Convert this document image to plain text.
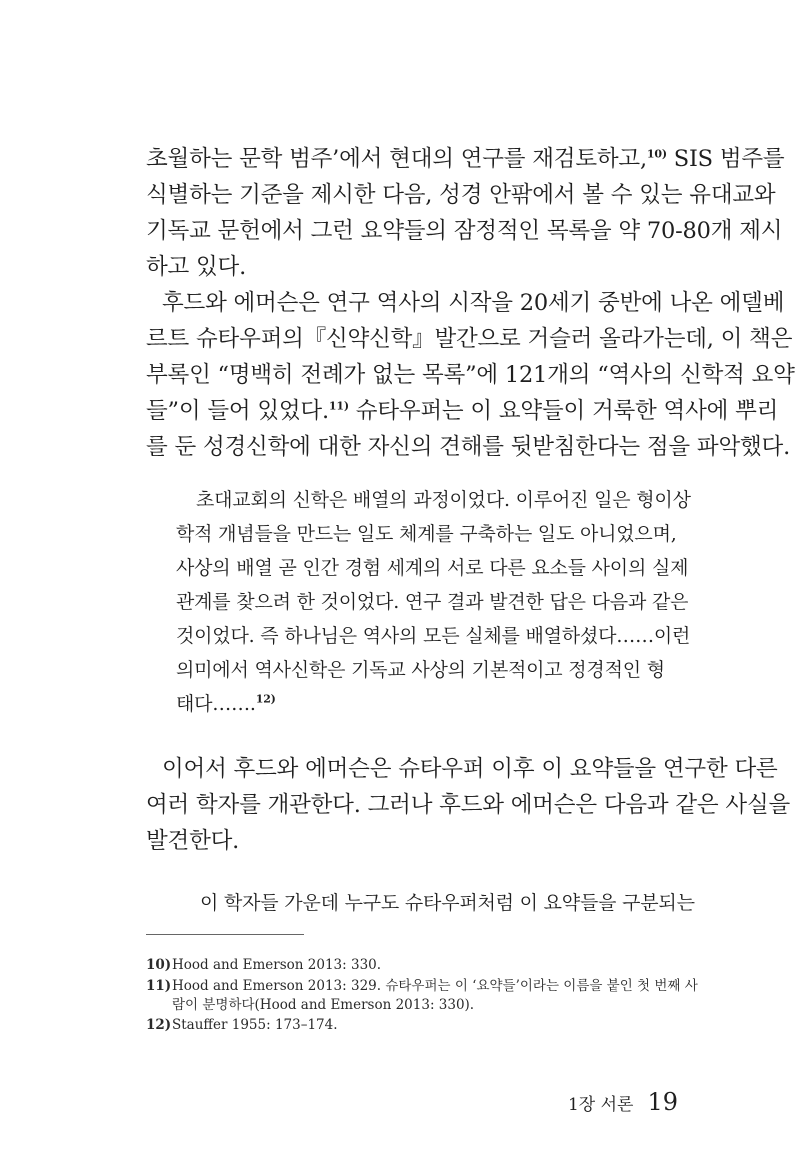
초월하는 문학 범주’에서 현대의 연구를 재검토하고,$^{10)}$ SIS 범주를
식별하는 기준을 제시한 다음, 성경 안팎에서 볼 수 있는 유대교와
기독교 문헌에서 그런 요약들의 잠정적인 목록을 약 70-80개 제시
하고 있다.
후드와 에머슨은 연구 역사의 시작을 20세기 중반에 나온 에델베
르트 슈타우퍼의『신약신학』발간으로 거슬러 올라가는데, 이 책은
부록인 “명백히 전례가 없는 목록”에 121개의 “역사의 신학적 요약
들”이 들어 있었다.$^{11)}$ 슈타우퍼는 이 요약들이 거룩한 역사에 뿌리
를 둔 성경신학에 대한 자신의 견해를 뒷받침한다는 점을 파악했다.
초대교회의 신학은 배열의 과정이었다. 이루어진 일은 형이상
학적 개념들을 만드는 일도 체계를 구축하는 일도 아니었으며,
사상의 배열 곧 인간 경험 세계의 서로 다른 요소들 사이의 실제
관계를 찾으려 한 것이었다. 연구 결과 발견한 답은 다음과 같은
것이었다. 즉 하나님은 역사의 모든 실체를 배열하셨다……이런
의미에서 역사신학은 기독교 사상의 기본적이고 정경적인 형
태다…….$^{12)}$
이어서 후드와 에머슨은 슈타우퍼 이후 이 요약들을 연구한 다른
여러 학자를 개관한다. 그러나 후드와 에머슨은 다음과 같은 사실을
발견한다.
이 학자들 가운데 누구도 슈타우퍼처럼 이 요약들을 구분되는
10)Hood and Emerson 2013: 330.
11)Hood and Emerson 2013: 329. 슈타우퍼는 이 ‘요약들’이라는 이름을 붙인 첫 번째 사
람이 분명하다(Hood and Emerson 2013: 330).
12)Stauffer 1955: 173–174.
1장 서론 19
